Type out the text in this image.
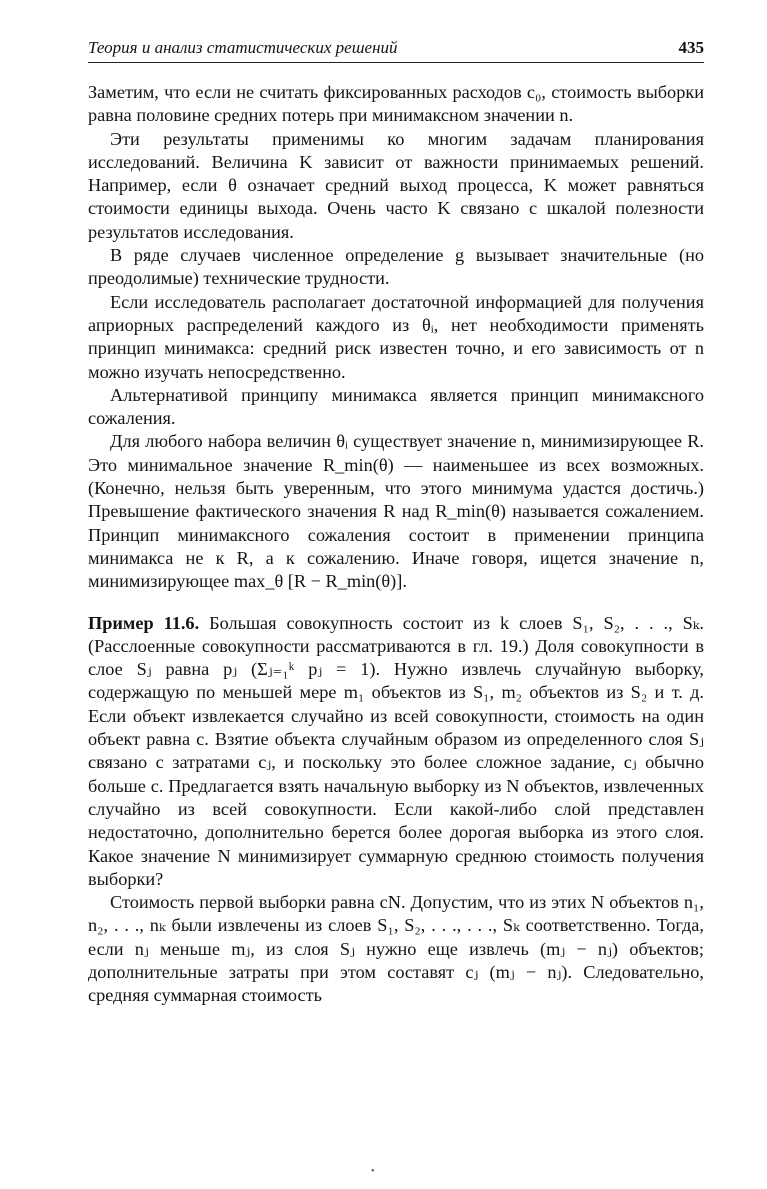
Теория и анализ статистических решений	435

Заметим, что если не считать фиксированных расходов c₀, стоимость выборки равна половине средних потерь при минимаксном значении n.

Эти результаты применимы ко многим задачам планирования исследований. Величина K зависит от важности принимаемых решений. Например, если θ означает средний выход процесса, K может равняться стоимости единицы выхода. Очень часто K связано с шкалой полезности результатов исследования.

В ряде случаев численное определение g вызывает значительные (но преодолимые) технические трудности.

Если исследователь располагает достаточной информацией для получения априорных распределений каждого из θᵢ, нет необходимости применять принцип минимакса: средний риск известен точно, и его зависимость от n можно изучать непосредственно.

Альтернативой принципу минимакса является принцип минимаксного сожаления.

Для любого набора величин θᵢ существует значение n, минимизирующее R. Это минимальное значение R_min(θ) — наименьшее из всех возможных. (Конечно, нельзя быть уверенным, что этого минимума удастся достичь.) Превышение фактического значения R над R_min(θ) называется сожалением. Принцип минимаксного сожаления состоит в применении принципа минимакса не к R, а к сожалению. Иначе говоря, ищется значение n, минимизирующее max_θ [R − R_min(θ)].

Пример 11.6. Большая совокупность состоит из k слоев S₁, S₂, . . ., Sₖ. (Расслоенные совокупности рассматриваются в гл. 19.) Доля совокупности в слое Sⱼ равна pⱼ (Σⱼ₌₁ᵏ pⱼ = 1). Нужно извлечь случайную выборку, содержащую по меньшей мере m₁ объектов из S₁, m₂ объектов из S₂ и т. д. Если объект извлекается случайно из всей совокупности, стоимость на один объект равна c. Взятие объекта случайным образом из определенного слоя Sⱼ связано с затратами cⱼ, и поскольку это более сложное задание, cⱼ обычно больше c. Предлагается взять начальную выборку из N объектов, извлеченных случайно из всей совокупности. Если какой-либо слой представлен недостаточно, дополнительно берется более дорогая выборка из этого слоя. Какое значение N минимизирует суммарную среднюю стоимость получения выборки?

Стоимость первой выборки равна cN. Допустим, что из этих N объектов n₁, n₂, . . ., nₖ были извлечены из слоев S₁, S₂, . . ., . . ., Sₖ соответственно. Тогда, если nⱼ меньше mⱼ, из слоя Sⱼ нужно еще извлечь (mⱼ − nⱼ) объектов; дополнительные затраты при этом составят cⱼ (mⱼ − nⱼ). Следовательно, средняя суммарная стоимость

•
